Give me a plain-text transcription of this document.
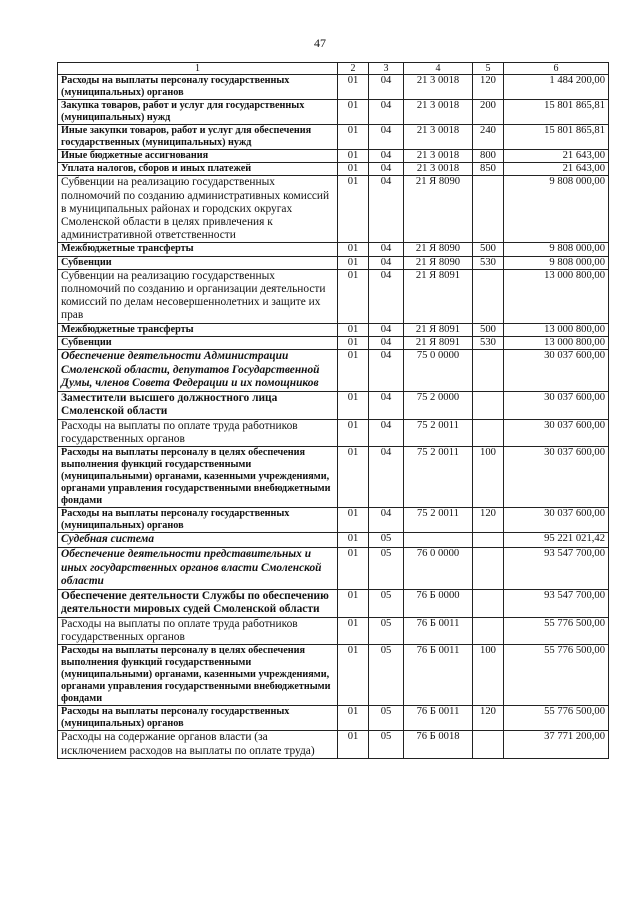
47
1	2	3	4	5	6
Расходы на выплаты персоналу государственных (муниципальных) органов	01	04	21 3 0018	120	1 484 200,00
Закупка товаров, работ и услуг для государственных (муниципальных) нужд	01	04	21 3 0018	200	15 801 865,81
Иные закупки товаров, работ и услуг для обеспечения государственных (муниципальных) нужд	01	04	21 3 0018	240	15 801 865,81
Иные бюджетные ассигнования	01	04	21 3 0018	800	21 643,00
Уплата налогов, сборов и иных платежей	01	04	21 3 0018	850	21 643,00
Субвенции на реализацию государственных полномочий по созданию административных комиссий в муниципальных районах и городских округах Смоленской области в целях привлечения к административной ответственности	01	04	21 Я 8090		9 808 000,00
Межбюджетные трансферты	01	04	21 Я 8090	500	9 808 000,00
Субвенции	01	04	21 Я 8090	530	9 808 000,00
Субвенции на реализацию государственных полномочий по созданию и организации деятельности комиссий по делам несовершеннолетних и защите их прав	01	04	21 Я 8091		13 000 800,00
Межбюджетные трансферты	01	04	21 Я 8091	500	13 000 800,00
Субвенции	01	04	21 Я 8091	530	13 000 800,00
Обеспечение деятельности Администрации Смоленской области, депутатов Государственной Думы, членов Совета Федерации и их помощников	01	04	75 0 0000		30 037 600,00
Заместители высшего должностного лица Смоленской области	01	04	75 2 0000		30 037 600,00
Расходы на выплаты по оплате труда работников государственных органов	01	04	75 2 0011		30 037 600,00
Расходы на выплаты персоналу в целях обеспечения выполнения функций государственными (муниципальными) органами, казенными учреждениями, органами управления государственными внебюджетными фондами	01	04	75 2 0011	100	30 037 600,00
Расходы на выплаты персоналу государственных (муниципальных) органов	01	04	75 2 0011	120	30 037 600,00
Судебная система	01	05			95 221 021,42
Обеспечение деятельности представительных и иных государственных органов власти Смоленской области	01	05	76 0 0000		93 547 700,00
Обеспечение деятельности Службы по обеспечению деятельности мировых судей Смоленской области	01	05	76 Б 0000		93 547 700,00
Расходы на выплаты по оплате труда работников государственных органов	01	05	76 Б 0011		55 776 500,00
Расходы на выплаты персоналу в целях обеспечения выполнения функций государственными (муниципальными) органами, казенными учреждениями, органами управления государственными внебюджетными фондами	01	05	76 Б 0011	100	55 776 500,00
Расходы на выплаты персоналу государственных (муниципальных) органов	01	05	76 Б 0011	120	55 776 500,00
Расходы на содержание органов власти (за исключением расходов на выплаты по оплате труда)	01	05	76 Б 0018		37 771 200,00
